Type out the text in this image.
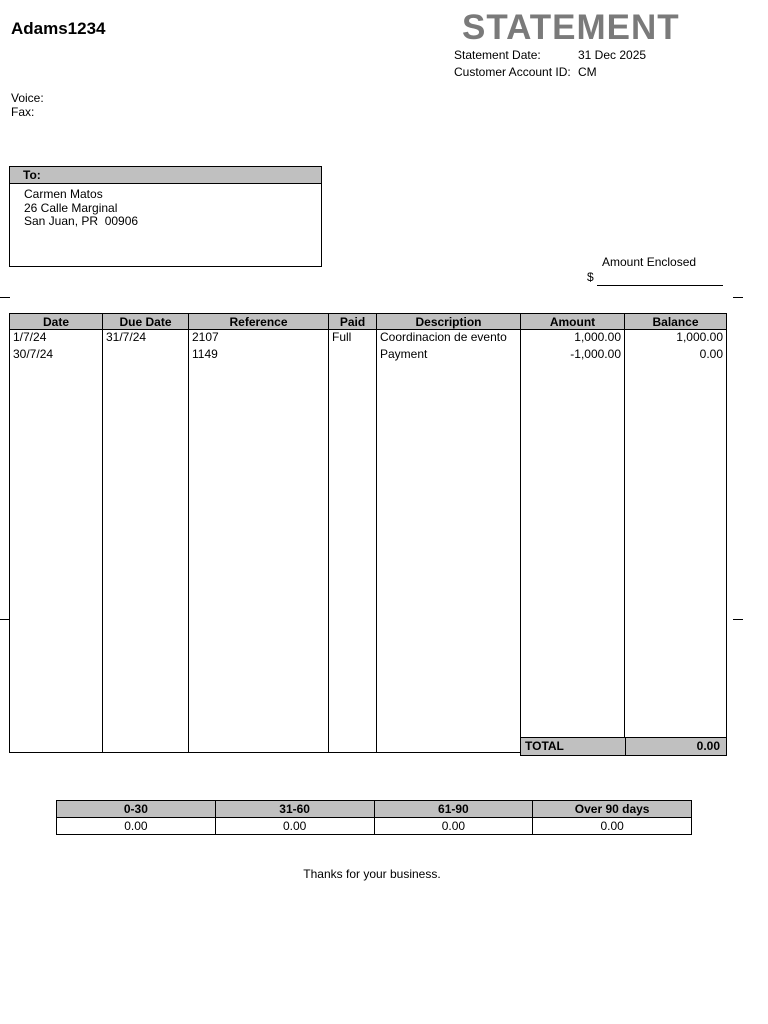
Adams1234	STATEMENT
Statement Date:	31 Dec 2025
Customer Account ID: CM
Voice:
Fax:
To:
Carmen Matos
26 Calle Marginal
San Juan, PR  00906
Amount Enclosed
$
Date	Due Date	Reference	Paid	Description	Amount	Balance
1/7/24	31/7/24	2107	Full	Coordinacion de evento	1,000.00	1,000.00
30/7/24		1149		Payment	-1,000.00	0.00

TOTAL	0.00
0-30	31-60	61-90	Over 90 days
0.00	0.00	0.00	0.00
Thanks for your business.
